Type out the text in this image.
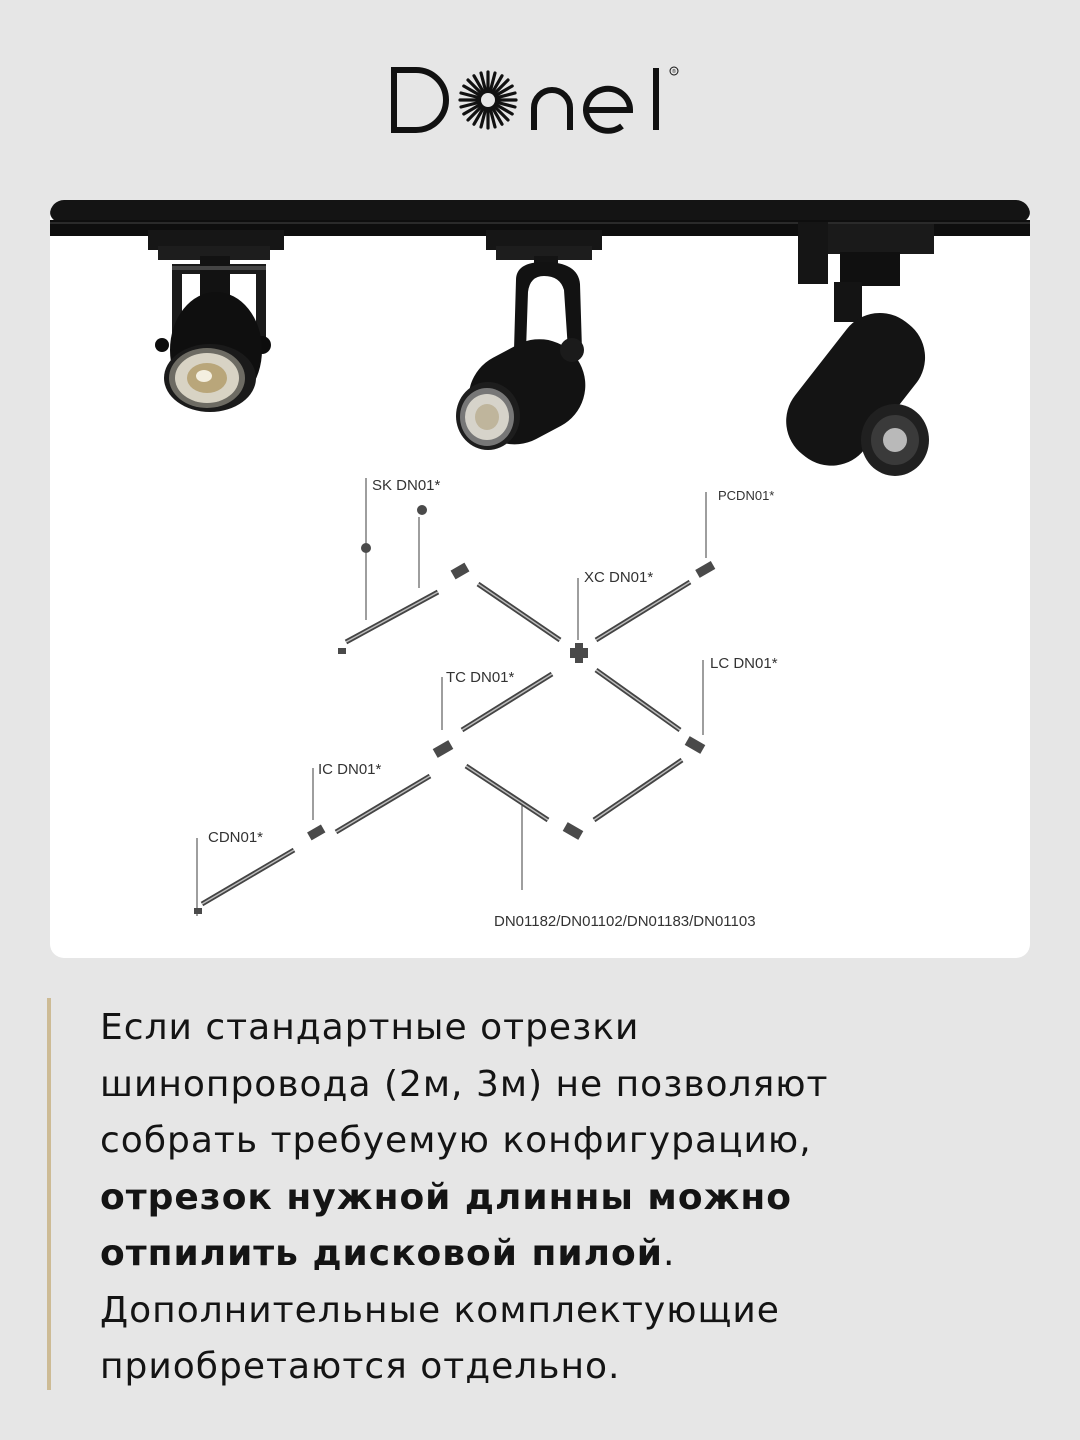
®
SK DN01*
PCDN01*
XC DN01*
TC DN01*
LC DN01*
IC DN01*
CDN01*
DN01182/DN01102/DN01183/DN01103

Если стандартные отрезки
шинопровода (2м, 3м) не позволяют
собрать требуемую конфигурацию,
отрезок нужной длинны можно
отпилить дисковой пилой.
Дополнительные комплектующие
приобретаются отдельно.
